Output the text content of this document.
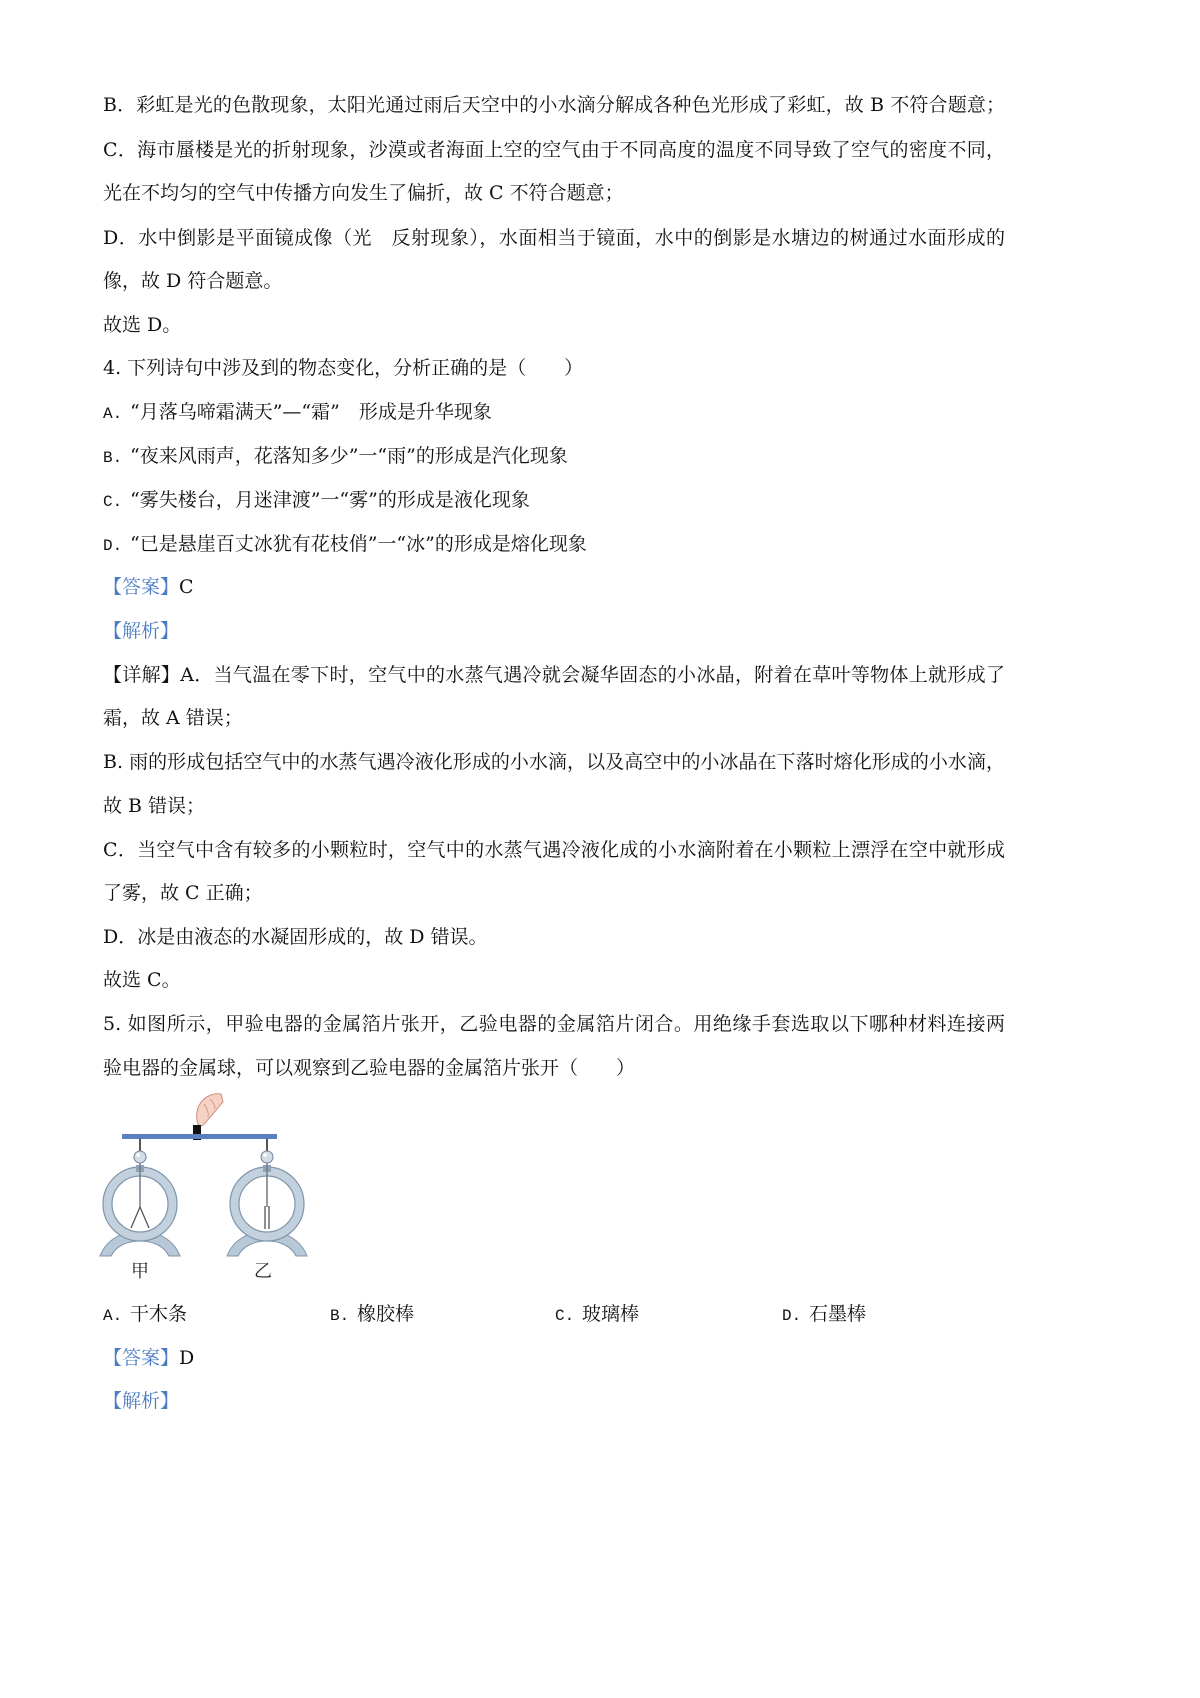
B．彩虹是光的色散现象，太阳光通过雨后天空中的小水滴分解成各种色光形成了彩虹，故 B 不符合题意；
C．海市蜃楼是光的折射现象，沙漠或者海面上空的空气由于不同高度的温度不同导致了空气的密度不同，
光在不均匀的空气中传播方向发生了偏折，故 C 不符合题意；
D．水中倒影是平面镜成像（光　反射现象），水面相当于镜面，水中的倒影是水塘边的树通过水面形成的
像，故 D 符合题意。
故选 D。
4. 下列诗句中涉及到的物态变化，分析正确的是（　　）
A. “月落乌啼霜满天”—“霜”　形成是升华现象
B. “夜来风雨声，花落知多少”一“雨”的形成是汽化现象
C. “雾失楼台，月迷津渡”一“雾”的形成是液化现象
D. “已是悬崖百丈冰犹有花枝俏”一“冰”的形成是熔化现象
【答案】C
【解析】
【详解】A．当气温在零下时，空气中的水蒸气遇冷就会凝华固态的小冰晶，附着在草叶等物体上就形成了
霜，故 A 错误；
B. 雨的形成包括空气中的水蒸气遇冷液化形成的小水滴，以及高空中的小冰晶在下落时熔化形成的小水滴，
故 B 错误；
C．当空气中含有较多的小颗粒时，空气中的水蒸气遇冷液化成的小水滴附着在小颗粒上漂浮在空中就形成
了雾，故 C 正确；
D．冰是由液态的水凝固形成的，故 D 错误。
故选 C。
5. 如图所示，甲验电器的金属箔片张开，乙验电器的金属箔片闭合。用绝缘手套选取以下哪种材料连接两
验电器的金属球，可以观察到乙验电器的金属箔片张开（　　）
甲	乙
A. 干木条	B. 橡胶棒	C. 玻璃棒	D. 石墨棒
【答案】D
【解析】
